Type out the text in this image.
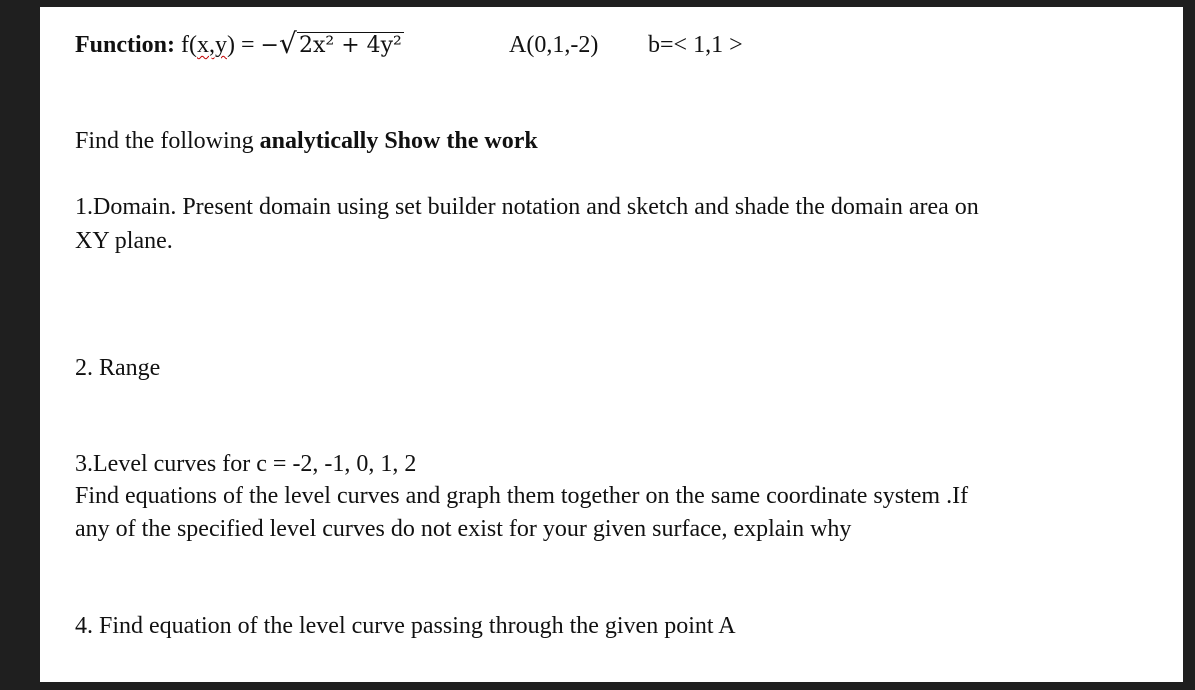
Function: f(x,y) = − √ 2x² + 4y²	A(0,1,-2) b=< 1,1 >
Find the following analytically Show the work
1.Domain. Present domain using set builder notation and sketch and shade the domain area on
XY plane.
2. Range
3.Level curves for c = -2, -1, 0, 1, 2
Find equations of the level curves and graph them together on the same coordinate system .If
any of the specified level curves do not exist for your given surface, explain why
4. Find equation of the level curve passing through the given point A
